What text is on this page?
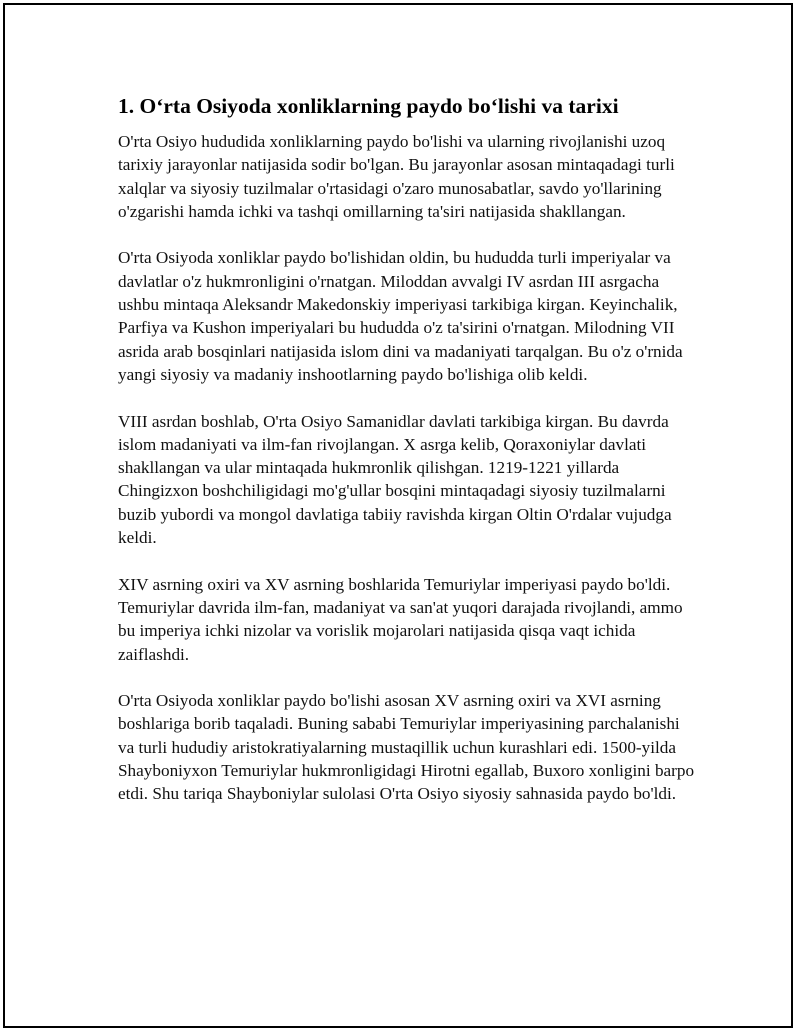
1. O‘rta Osiyoda xonliklarning paydo bo‘lishi va tarixi

O'rta Osiyo hududida xonliklarning paydo bo'lishi va ularning rivojlanishi uzoq tarixiy jarayonlar natijasida sodir bo'lgan. Bu jarayonlar asosan mintaqadagi turli xalqlar va siyosiy tuzilmalar o'rtasidagi o'zaro munosabatlar, savdo yo'llarining o'zgarishi hamda ichki va tashqi omillarning ta'siri natijasida shakllangan.

O'rta Osiyoda xonliklar paydo bo'lishidan oldin, bu hududda turli imperiyalar va davlatlar o'z hukmronligini o'rnatgan. Miloddan avvalgi IV asrdan III asrgacha ushbu mintaqa Aleksandr Makedonskiy imperiyasi tarkibiga kirgan. Keyinchalik, Parfiya va Kushon imperiyalari bu hududda o'z ta'sirini o'rnatgan. Milodning VII asrida arab bosqinlari natijasida islom dini va madaniyati tarqalgan. Bu o'z o'rnida yangi siyosiy va madaniy inshootlarning paydo bo'lishiga olib keldi.

VIII asrdan boshlab, O'rta Osiyo Samanidlar davlati tarkibiga kirgan. Bu davrda islom madaniyati va ilm-fan rivojlangan. X asrga kelib, Qoraxoniylar davlati shakllangan va ular mintaqada hukmronlik qilishgan. 1219-1221 yillarda Chingizxon boshchiligidagi mo'g'ullar bosqini mintaqadagi siyosiy tuzilmalarni buzib yubordi va mongol davlatiga tabiiy ravishda kirgan Oltin O'rdalar vujudga keldi.

XIV asrning oxiri va XV asrning boshlarida Temuriylar imperiyasi paydo bo'ldi. Temuriylar davrida ilm-fan, madaniyat va san'at yuqori darajada rivojlandi, ammo bu imperiya ichki nizolar va vorislik mojarolari natijasida qisqa vaqt ichida zaiflashdi.

O'rta Osiyoda xonliklar paydo bo'lishi asosan XV asrning oxiri va XVI asrning boshlariga borib taqaladi. Buning sababi Temuriylar imperiyasining parchalanishi va turli hududiy aristokratiyalarning mustaqillik uchun kurashlari edi. 1500-yilda Shayboniyxon Temuriylar hukmronligidagi Hirotni egallab, Buxoro xonligini barpo etdi. Shu tariqa Shayboniylar sulolasi O'rta Osiyo siyosiy sahnasida paydo bo'ldi.
